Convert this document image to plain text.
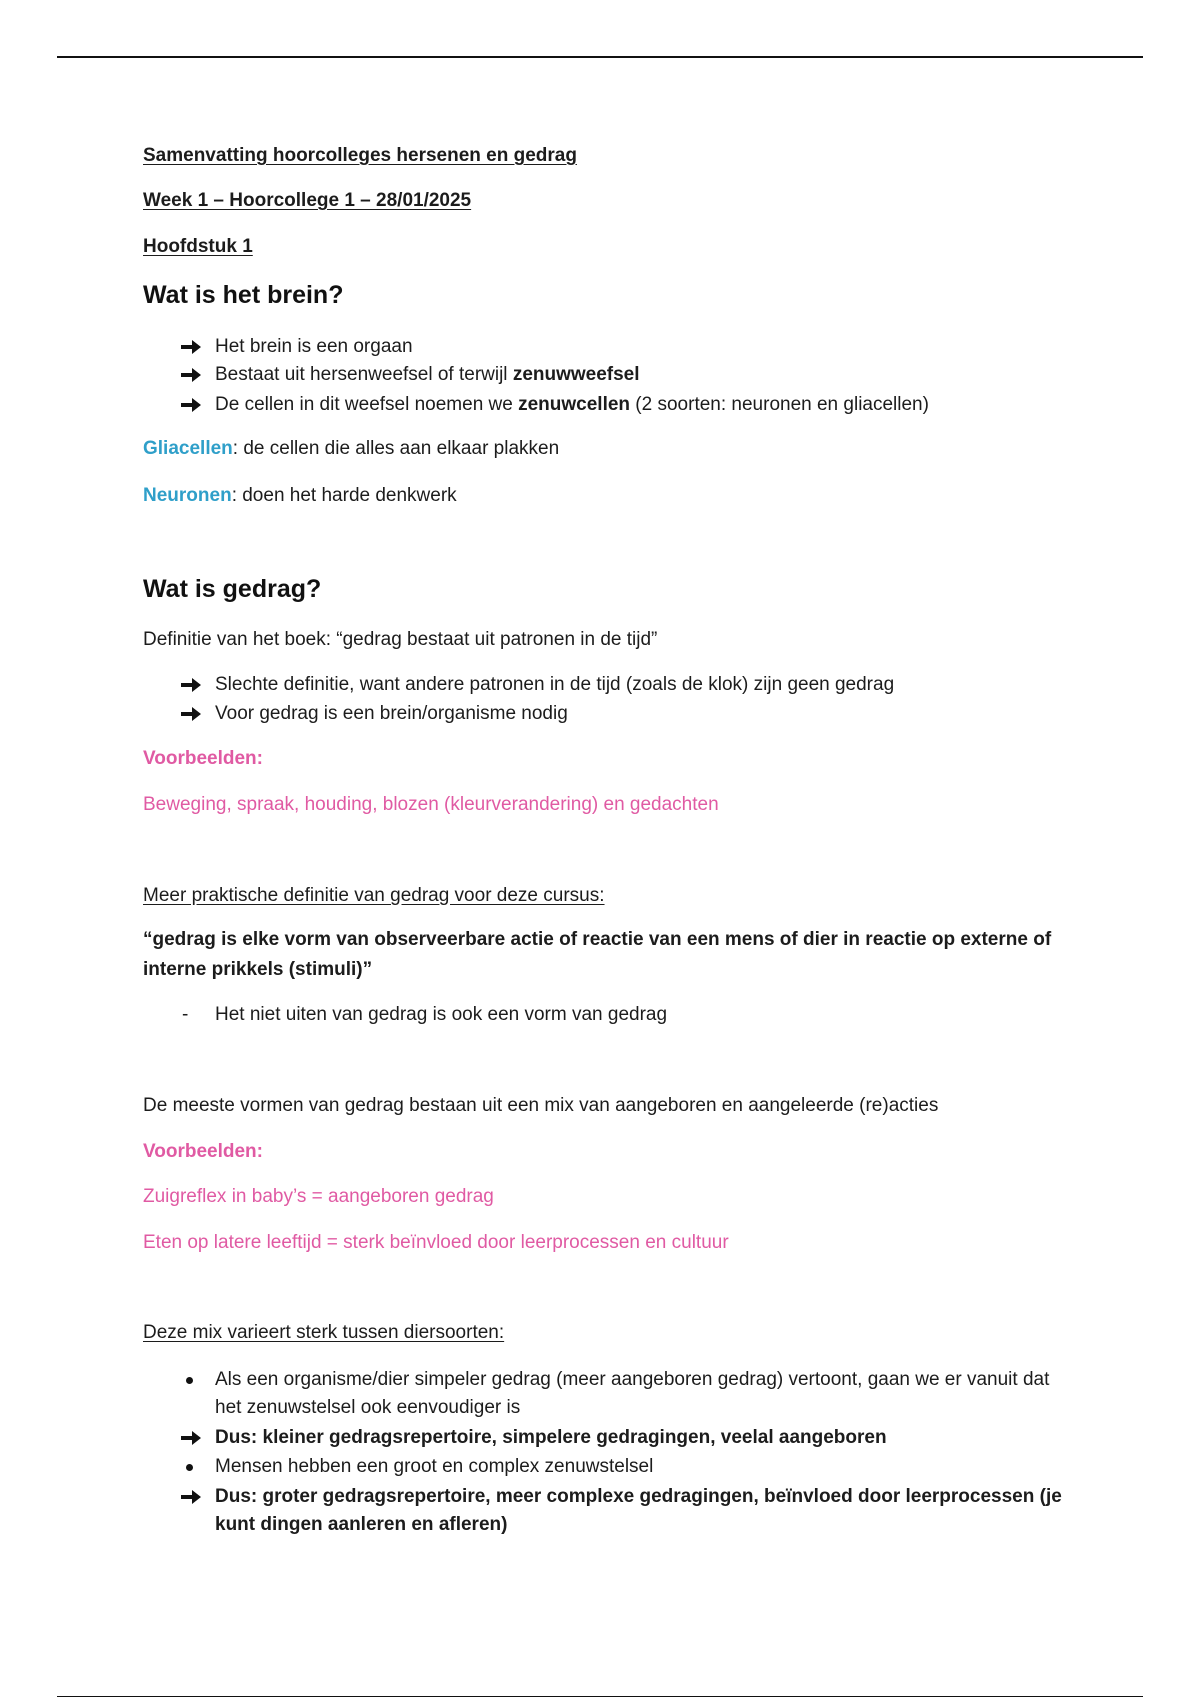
Samenvatting hoorcolleges hersenen en gedrag
Week 1 – Hoorcollege 1 – 28/01/2025
Hoofdstuk 1
Wat is het brein?
Het brein is een orgaan
Bestaat uit hersenweefsel of terwijl zenuwweefsel
De cellen in dit weefsel noemen we zenuwcellen (2 soorten: neuronen en gliacellen)
Gliacellen: de cellen die alles aan elkaar plakken
Neuronen: doen het harde denkwerk
Wat is gedrag?
Definitie van het boek: “gedrag bestaat uit patronen in de tijd”
Slechte definitie, want andere patronen in de tijd (zoals de klok) zijn geen gedrag
Voor gedrag is een brein/organisme nodig
Voorbeelden:
Beweging, spraak, houding, blozen (kleurverandering) en gedachten
Meer praktische definitie van gedrag voor deze cursus:
“gedrag is elke vorm van observeerbare actie of reactie van een mens of dier in reactie op externe of interne prikkels (stimuli)”
- Het niet uiten van gedrag is ook een vorm van gedrag
De meeste vormen van gedrag bestaan uit een mix van aangeboren en aangeleerde (re)acties
Voorbeelden:
Zuigreflex in baby’s = aangeboren gedrag
Eten op latere leeftijd = sterk beïnvloed door leerprocessen en cultuur
Deze mix varieert sterk tussen diersoorten:
Als een organisme/dier simpeler gedrag (meer aangeboren gedrag) vertoont, gaan we er vanuit dat het zenuwstelsel ook eenvoudiger is
Dus: kleiner gedragsrepertoire, simpelere gedragingen, veelal aangeboren
Mensen hebben een groot en complex zenuwstelsel
Dus: groter gedragsrepertoire, meer complexe gedragingen, beïnvloed door leerprocessen (je kunt dingen aanleren en afleren)
